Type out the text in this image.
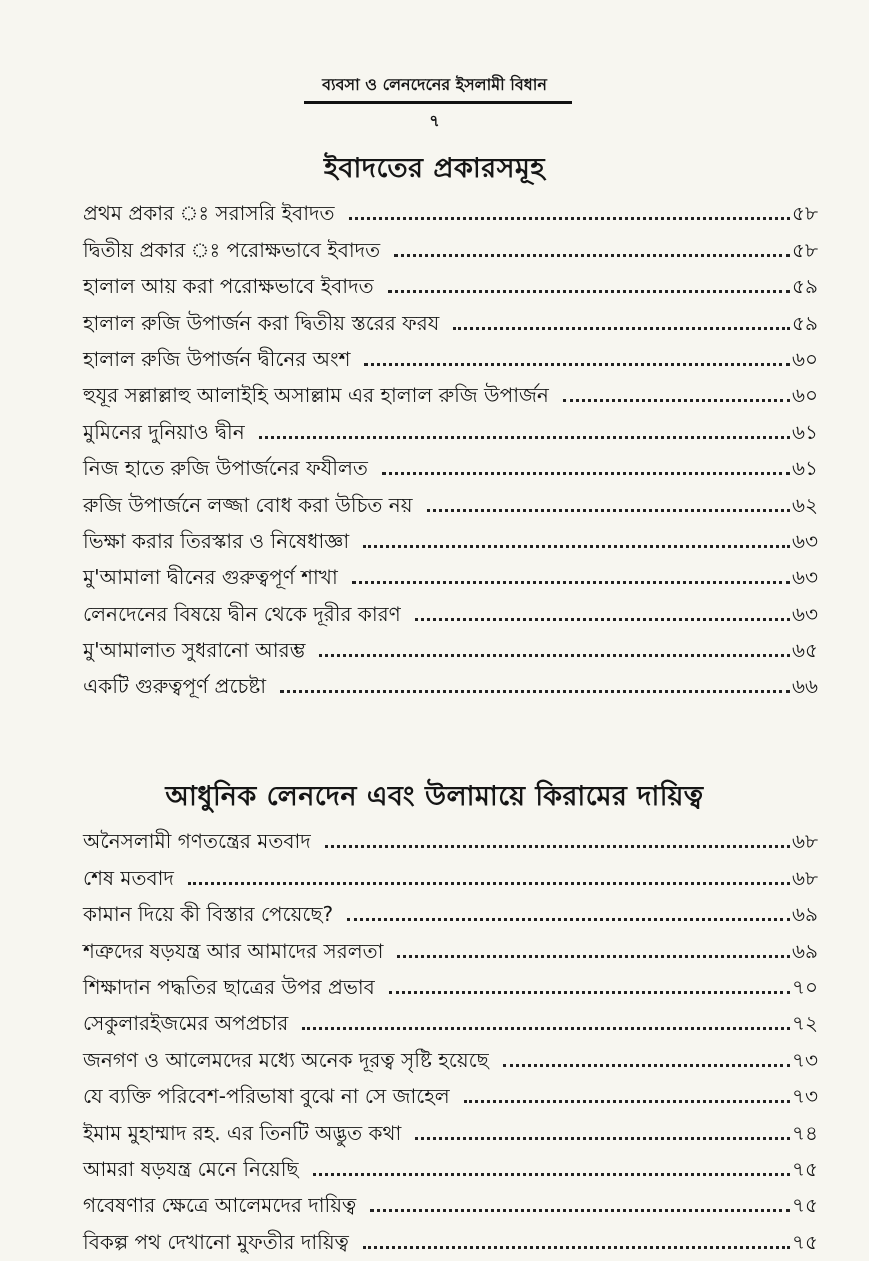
ব্যবসা ও লেনদেনের ইসলামী বিধান
৭
ইবাদতের প্রকারসমূহ
প্রথম প্রকার ঃ সরাসরি ইবাদত	৫৮
দ্বিতীয় প্রকার ঃ পরোক্ষভাবে ইবাদত	৫৮
হালাল আয় করা পরোক্ষভাবে ইবাদত	৫৯
হালাল রুজি উপার্জন করা দ্বিতীয় স্তরের ফরয	৫৯
হালাল রুজি উপার্জন দ্বীনের অংশ	৬০
হুযূর সল্লাল্লাহু আলাইহি অসাল্লাম এর হালাল রুজি উপার্জন	৬০
মুমিনের দুনিয়াও দ্বীন	৬১
নিজ হাতে রুজি উপার্জনের ফযীলত	৬১
রুজি উপার্জনে লজ্জা বোধ করা উচিত নয়	৬২
ভিক্ষা করার তিরস্কার ও নিষেধাজ্ঞা	৬৩
মু'আমালা দ্বীনের গুরুত্বপূর্ণ শাখা	৬৩
লেনদেনের বিষয়ে দ্বীন থেকে দূরীর কারণ	৬৩
মু'আমালাত সুধরানো আরম্ভ	৬৫
একটি গুরুত্বপূর্ণ প্রচেষ্টা	৬৬
আধুনিক লেনদেন এবং উলামায়ে কিরামের দায়িত্ব
অনৈসলামী গণতন্ত্রের মতবাদ	৬৮
শেষ মতবাদ	৬৮
কামান দিয়ে কী বিস্তার পেয়েছে?	৬৯
শত্রুদের ষড়যন্ত্র আর আমাদের সরলতা	৬৯
শিক্ষাদান পদ্ধতির ছাত্রের উপর প্রভাব	৭০
সেকুলারইজমের অপপ্রচার	৭২
জনগণ ও আলেমদের মধ্যে অনেক দূরত্ব সৃষ্টি হয়েছে	৭৩
যে ব্যক্তি পরিবেশ-পরিভাষা বুঝে না সে জাহেল	৭৩
ইমাম মুহাম্মাদ রহ. এর তিনটি অদ্ভুত কথা	৭৪
আমরা ষড়যন্ত্র মেনে নিয়েছি	৭৫
গবেষণার ক্ষেত্রে আলেমদের দায়িত্ব	৭৫
বিকল্প পথ দেখানো মুফতীর দায়িত্ব	৭৫
